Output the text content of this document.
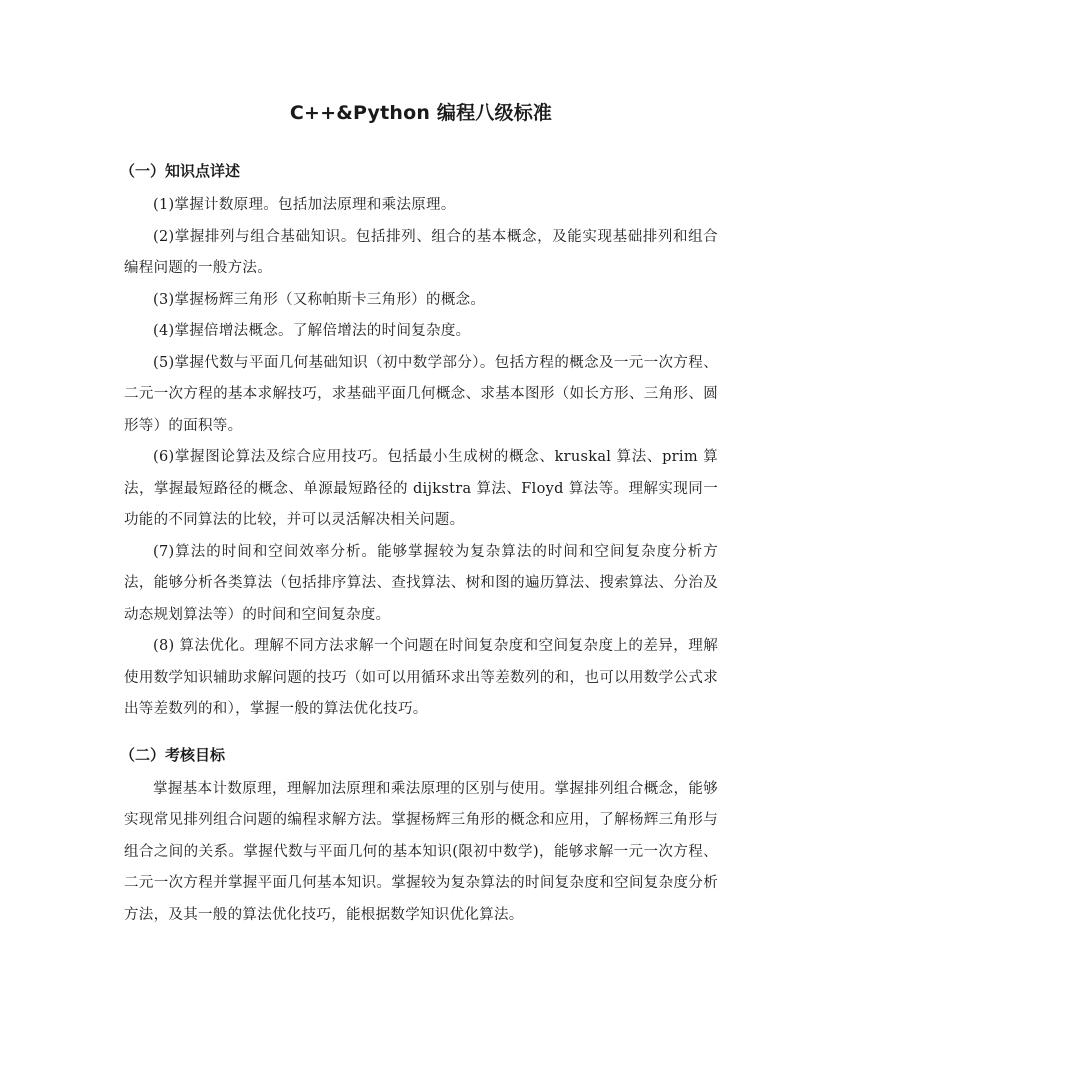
C++&Python 编程八级标准
（一）知识点详述

(1)掌握计数原理。包括加法原理和乘法原理。

(2)掌握排列与组合基础知识。包括排列、组合的基本概念，及能实现基础排列和组合编程问题的一般方法。

(3)掌握杨辉三角形（又称帕斯卡三角形）的概念。

(4)掌握倍增法概念。了解倍增法的时间复杂度。

(5)掌握代数与平面几何基础知识（初中数学部分）。包括方程的概念及一元一次方程、二元一次方程的基本求解技巧，求基础平面几何概念、求基本图形（如长方形、三角形、圆形等）的面积等。

(6)掌握图论算法及综合应用技巧。包括最小生成树的概念、kruskal 算法、prim 算法，掌握最短路径的概念、单源最短路径的 dijkstra 算法、Floyd 算法等。理解实现同一功能的不同算法的比较，并可以灵活解决相关问题。

(7)算法的时间和空间效率分析。能够掌握较为复杂算法的时间和空间复杂度分析方法，能够分析各类算法（包括排序算法、查找算法、树和图的遍历算法、搜索算法、分治及动态规划算法等）的时间和空间复杂度。

(8) 算法优化。理解不同方法求解一个问题在时间复杂度和空间复杂度上的差异，理解使用数学知识辅助求解问题的技巧（如可以用循环求出等差数列的和，也可以用数学公式求出等差数列的和），掌握一般的算法优化技巧。

（二）考核目标

掌握基本计数原理，理解加法原理和乘法原理的区别与使用。掌握排列组合概念，能够实现常见排列组合问题的编程求解方法。掌握杨辉三角形的概念和应用，了解杨辉三角形与组合之间的关系。掌握代数与平面几何的基本知识(限初中数学)，能够求解一元一次方程、二元一次方程并掌握平面几何基本知识。掌握较为复杂算法的时间复杂度和空间复杂度分析方法，及其一般的算法优化技巧，能根据数学知识优化算法。
